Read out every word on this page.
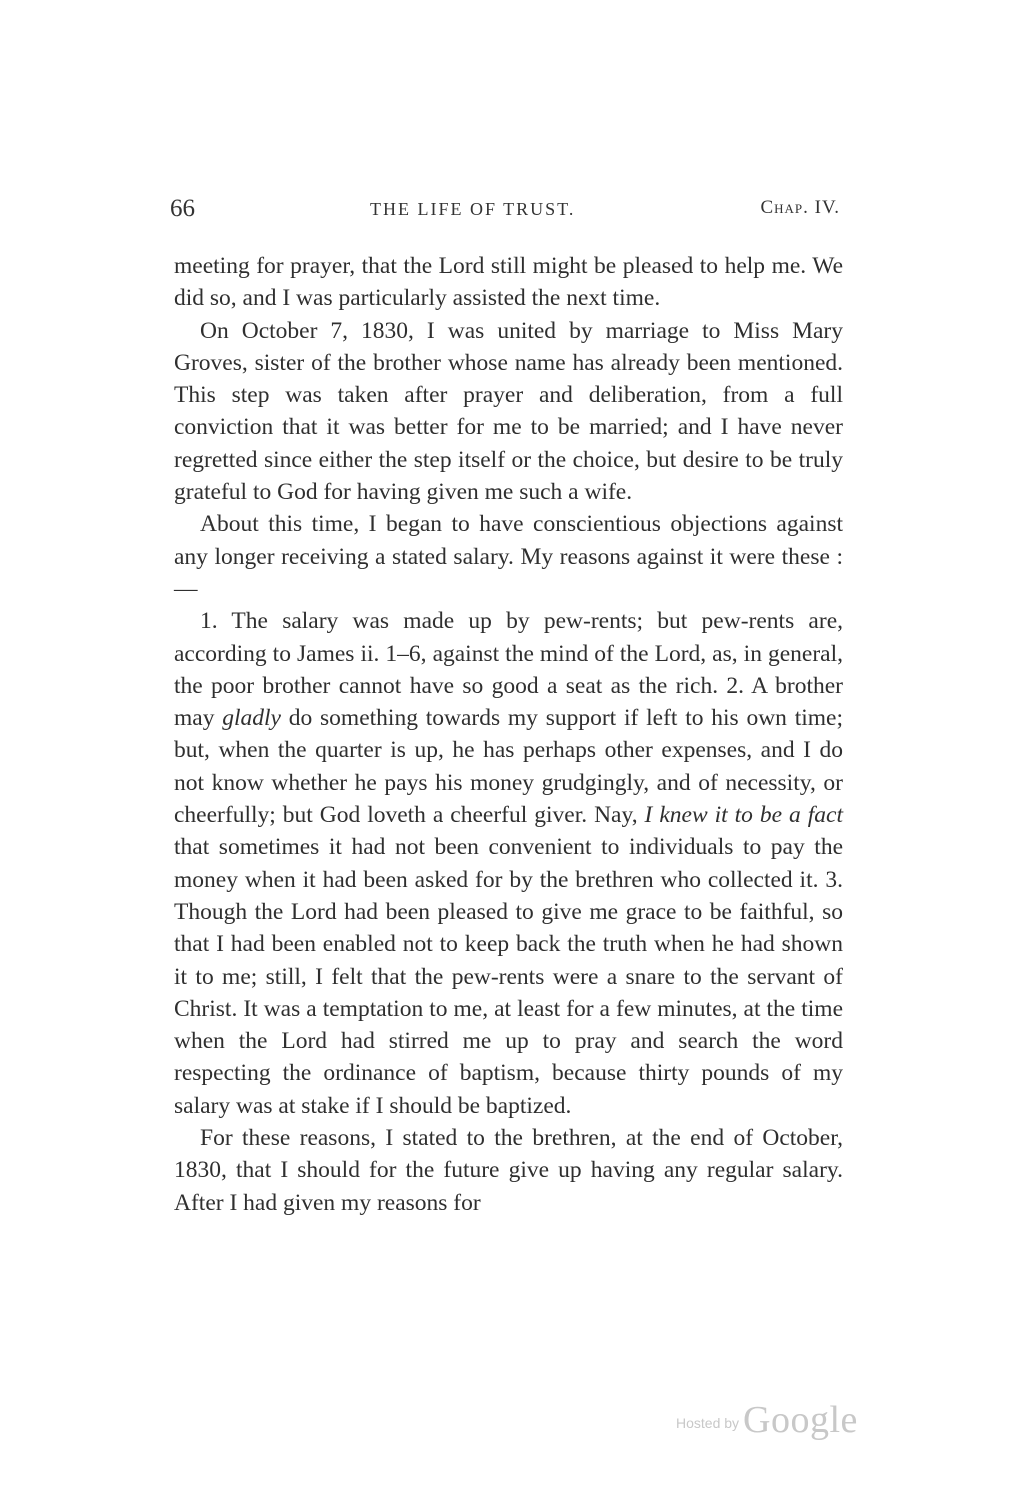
66	THE LIFE OF TRUST.	Chap. IV.

meeting for prayer, that the Lord still might be pleased to help me. We did so, and I was particularly assisted the next time.

On October 7, 1830, I was united by marriage to Miss Mary Groves, sister of the brother whose name has already been mentioned. This step was taken after prayer and deliberation, from a full conviction that it was better for me to be married; and I have never regretted since either the step itself or the choice, but desire to be truly grateful to God for having given me such a wife.

About this time, I began to have conscientious objections against any longer receiving a stated salary. My reasons against it were these : —

1. The salary was made up by pew-rents; but pew-rents are, according to James ii. 1–6, against the mind of the Lord, as, in general, the poor brother cannot have so good a seat as the rich. 2. A brother may gladly do something towards my support if left to his own time; but, when the quarter is up, he has perhaps other expenses, and I do not know whether he pays his money grudgingly, and of necessity, or cheerfully; but God loveth a cheerful giver. Nay, I knew it to be a fact that sometimes it had not been convenient to individuals to pay the money when it had been asked for by the brethren who collected it. 3. Though the Lord had been pleased to give me grace to be faithful, so that I had been enabled not to keep back the truth when he had shown it to me; still, I felt that the pew-rents were a snare to the servant of Christ. It was a temptation to me, at least for a few minutes, at the time when the Lord had stirred me up to pray and search the word respecting the ordinance of baptism, because thirty pounds of my salary was at stake if I should be baptized.

For these reasons, I stated to the brethren, at the end of October, 1830, that I should for the future give up having any regular salary. After I had given my reasons for

Hosted by Google
